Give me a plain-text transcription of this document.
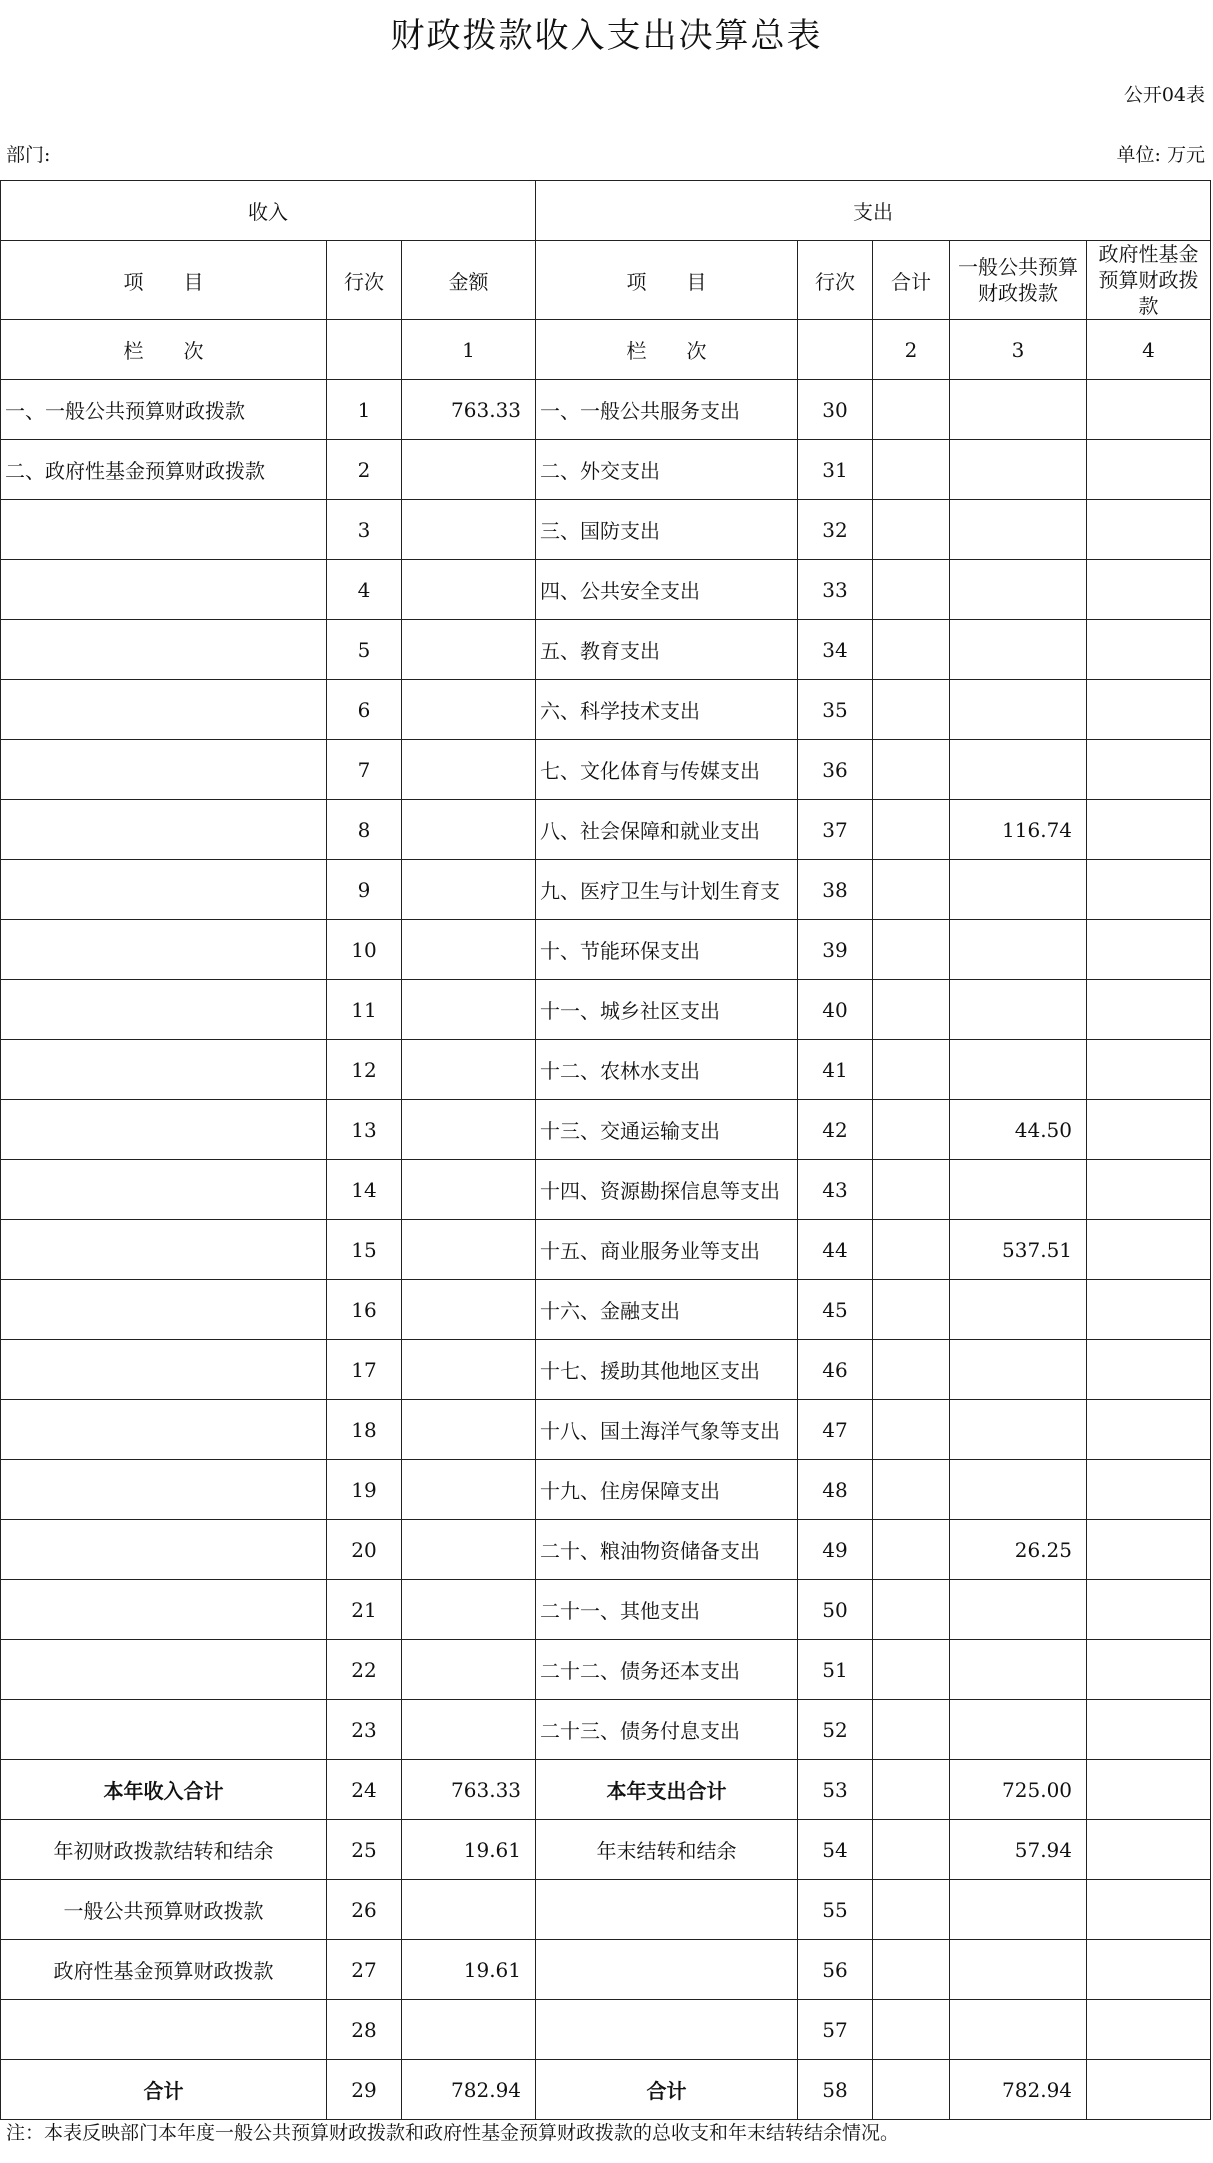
财政拨款收入支出决算总表
公开04表
部门:	单位: 万元
收入			支出				
项　　目	行次	金额	项　　目	行次	合计	一般公共预算财政拨款	政府性基金预算财政拨款
栏　　次		1	栏　　次		2	3	4
一、一般公共预算财政拨款	1	763.33	一、一般公共服务支出	30			
二、政府性基金预算财政拨款	2		二、外交支出	31			
	3		三、国防支出	32			
	4		四、公共安全支出	33			
	5		五、教育支出	34			
	6		六、科学技术支出	35			
	7		七、文化体育与传媒支出	36			
	8		八、社会保障和就业支出	37		116.74	
	9		九、医疗卫生与计划生育支	38			
	10		十、节能环保支出	39			
	11		十一、城乡社区支出	40			
	12		十二、农林水支出	41			
	13		十三、交通运输支出	42		44.50	
	14		十四、资源勘探信息等支出	43			
	15		十五、商业服务业等支出	44		537.51	
	16		十六、金融支出	45			
	17		十七、援助其他地区支出	46			
	18		十八、国土海洋气象等支出	47			
	19		十九、住房保障支出	48			
	20		二十、粮油物资储备支出	49		26.25	
	21		二十一、其他支出	50			
	22		二十二、债务还本支出	51			
	23		二十三、债务付息支出	52			
本年收入合计	24	763.33	本年支出合计	53		725.00	
年初财政拨款结转和结余	25	19.61	年末结转和结余	54		57.94	
一般公共预算财政拨款	26			55			
政府性基金预算财政拨款	27	19.61		56			
	28			57			
合计	29	782.94	合计	58		782.94	
注：本表反映部门本年度一般公共预算财政拨款和政府性基金预算财政拨款的总收支和年末结转结余情况。
